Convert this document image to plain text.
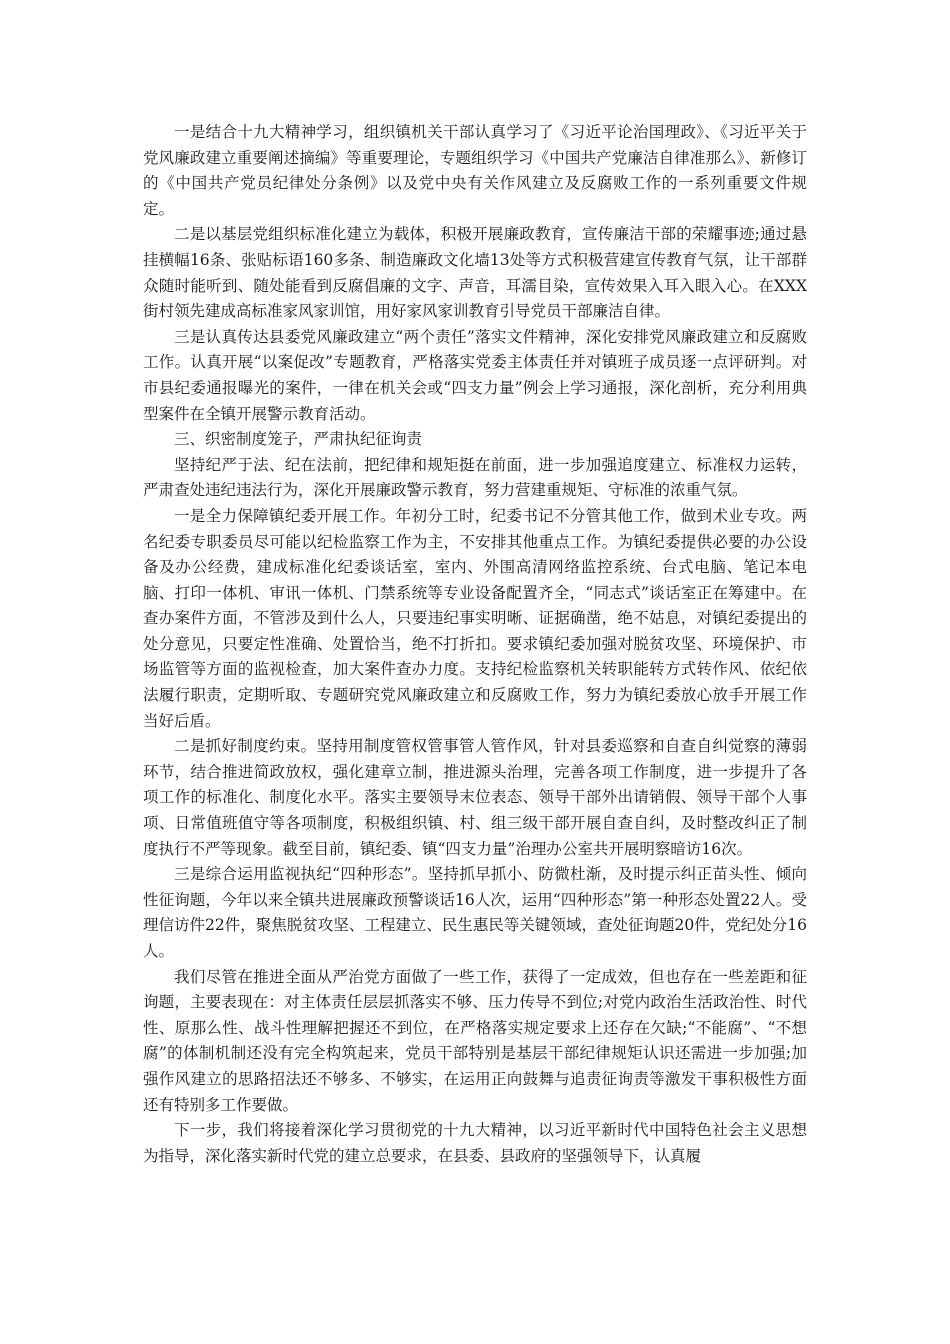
一是结合十九大精神学习，组织镇机关干部认真学习了《习近平论治国理政》、《习近平关于党风廉政建立重要阐述摘编》等重要理论，专题组织学习《中国共产党廉洁自律准那么》、新修订的《中国共产党员纪律处分条例》以及党中央有关作风建立及反腐败工作的一系列重要文件规定。

二是以基层党组织标准化建立为载体，积极开展廉政教育，宣传廉洁干部的荣耀事迹;通过悬挂横幅16条、张贴标语160多条、制造廉政文化墙13处等方式积极营建宣传教育气氛，让干部群众随时能听到、随处能看到反腐倡廉的文字、声音，耳濡目染，宣传效果入耳入眼入心。在XXX街村领先建成高标准家风家训馆，用好家风家训教育引导党员干部廉洁自律。

三是认真传达县委党风廉政建立“两个责任”落实文件精神，深化安排党风廉政建立和反腐败工作。认真开展“以案促改”专题教育，严格落实党委主体责任并对镇班子成员逐一点评研判。对市县纪委通报曝光的案件，一律在机关会或“四支力量”例会上学习通报，深化剖析，充分利用典型案件在全镇开展警示教育活动。

三、织密制度笼子，严肃执纪征询责

坚持纪严于法、纪在法前，把纪律和规矩挺在前面，进一步加强追度建立、标准权力运转，严肃查处违纪违法行为，深化开展廉政警示教育，努力营建重规矩、守标准的浓重气氛。

一是全力保障镇纪委开展工作。年初分工时，纪委书记不分管其他工作，做到术业专攻。两名纪委专职委员尽可能以纪检监察工作为主，不安排其他重点工作。为镇纪委提供必要的办公设备及办公经费，建成标准化纪委谈话室，室内、外围高清网络监控系统、台式电脑、笔记本电脑、打印一体机、审讯一体机、门禁系统等专业设备配置齐全，“同志式”谈话室正在筹建中。在查办案件方面，不管涉及到什么人，只要违纪事实明晰、证据确凿，绝不姑息，对镇纪委提出的处分意见，只要定性准确、处置恰当，绝不打折扣。要求镇纪委加强对脱贫攻坚、环境保护、市场监管等方面的监视检查，加大案件查办力度。支持纪检监察机关转职能转方式转作风、依纪依法履行职责，定期听取、专题研究党风廉政建立和反腐败工作，努力为镇纪委放心放手开展工作当好后盾。

二是抓好制度约束。坚持用制度管权管事管人管作风，针对县委巡察和自查自纠觉察的薄弱环节，结合推进简政放权，强化建章立制，推进源头治理，完善各项工作制度，进一步提升了各项工作的标准化、制度化水平。落实主要领导末位表态、领导干部外出请销假、领导干部个人事项、日常值班值守等各项制度，积极组织镇、村、组三级干部开展自查自纠，及时整改纠正了制度执行不严等现象。截至目前，镇纪委、镇“四支力量”治理办公室共开展明察暗访16次。

三是综合运用监视执纪“四种形态”。坚持抓早抓小、防微杜渐，及时提示纠正苗头性、倾向性征询题，今年以来全镇共进展廉政预警谈话16人次，运用“四种形态”第一种形态处置22人。受理信访件22件，聚焦脱贫攻坚、工程建立、民生惠民等关键领域，查处征询题20件，党纪处分16人。

我们尽管在推进全面从严治党方面做了一些工作，获得了一定成效，但也存在一些差距和征询题，主要表现在：对主体责任层层抓落实不够、压力传导不到位;对党内政治生活政治性、时代性、原那么性、战斗性理解把握还不到位，在严格落实规定要求上还存在欠缺;“不能腐”、“不想腐”的体制机制还没有完全构筑起来，党员干部特别是基层干部纪律规矩认识还需进一步加强;加强作风建立的思路招法还不够多、不够实，在运用正向鼓舞与追责征询责等激发干事积极性方面还有特别多工作要做。

下一步，我们将接着深化学习贯彻党的十九大精神，以习近平新时代中国特色社会主义思想为指导，深化落实新时代党的建立总要求，在县委、县政府的坚强领导下，认真履
